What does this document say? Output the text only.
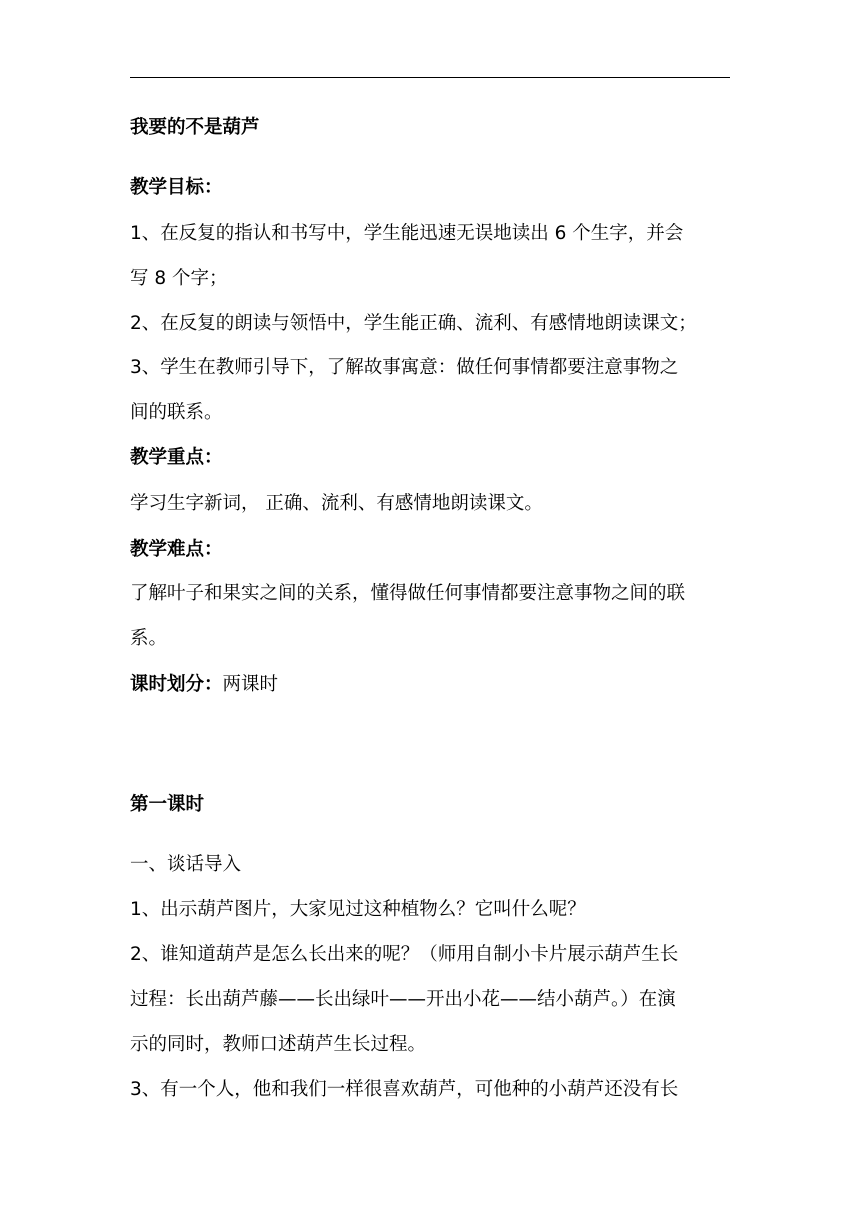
我要的不是葫芦
教学目标：
1、在反复的指认和书写中，学生能迅速无误地读出 6 个生字，并会
写 8 个字；
2、在反复的朗读与领悟中，学生能正确、流利、有感情地朗读课文；
3、学生在教师引导下，了解故事寓意：做任何事情都要注意事物之
间的联系。
教学重点：
学习生字新词， 正确、流利、有感情地朗读课文。
教学难点：
了解叶子和果实之间的关系，懂得做任何事情都要注意事物之间的联
系。
课时划分：两课时
第一课时
一、谈话导入
1、出示葫芦图片，大家见过这种植物么？它叫什么呢？
2、谁知道葫芦是怎么长出来的呢？（师用自制小卡片展示葫芦生长
过程：长出葫芦藤——长出绿叶——开出小花——结小葫芦。）在演
示的同时，教师口述葫芦生长过程。
3、有一个人，他和我们一样很喜欢葫芦，可他种的小葫芦还没有长
